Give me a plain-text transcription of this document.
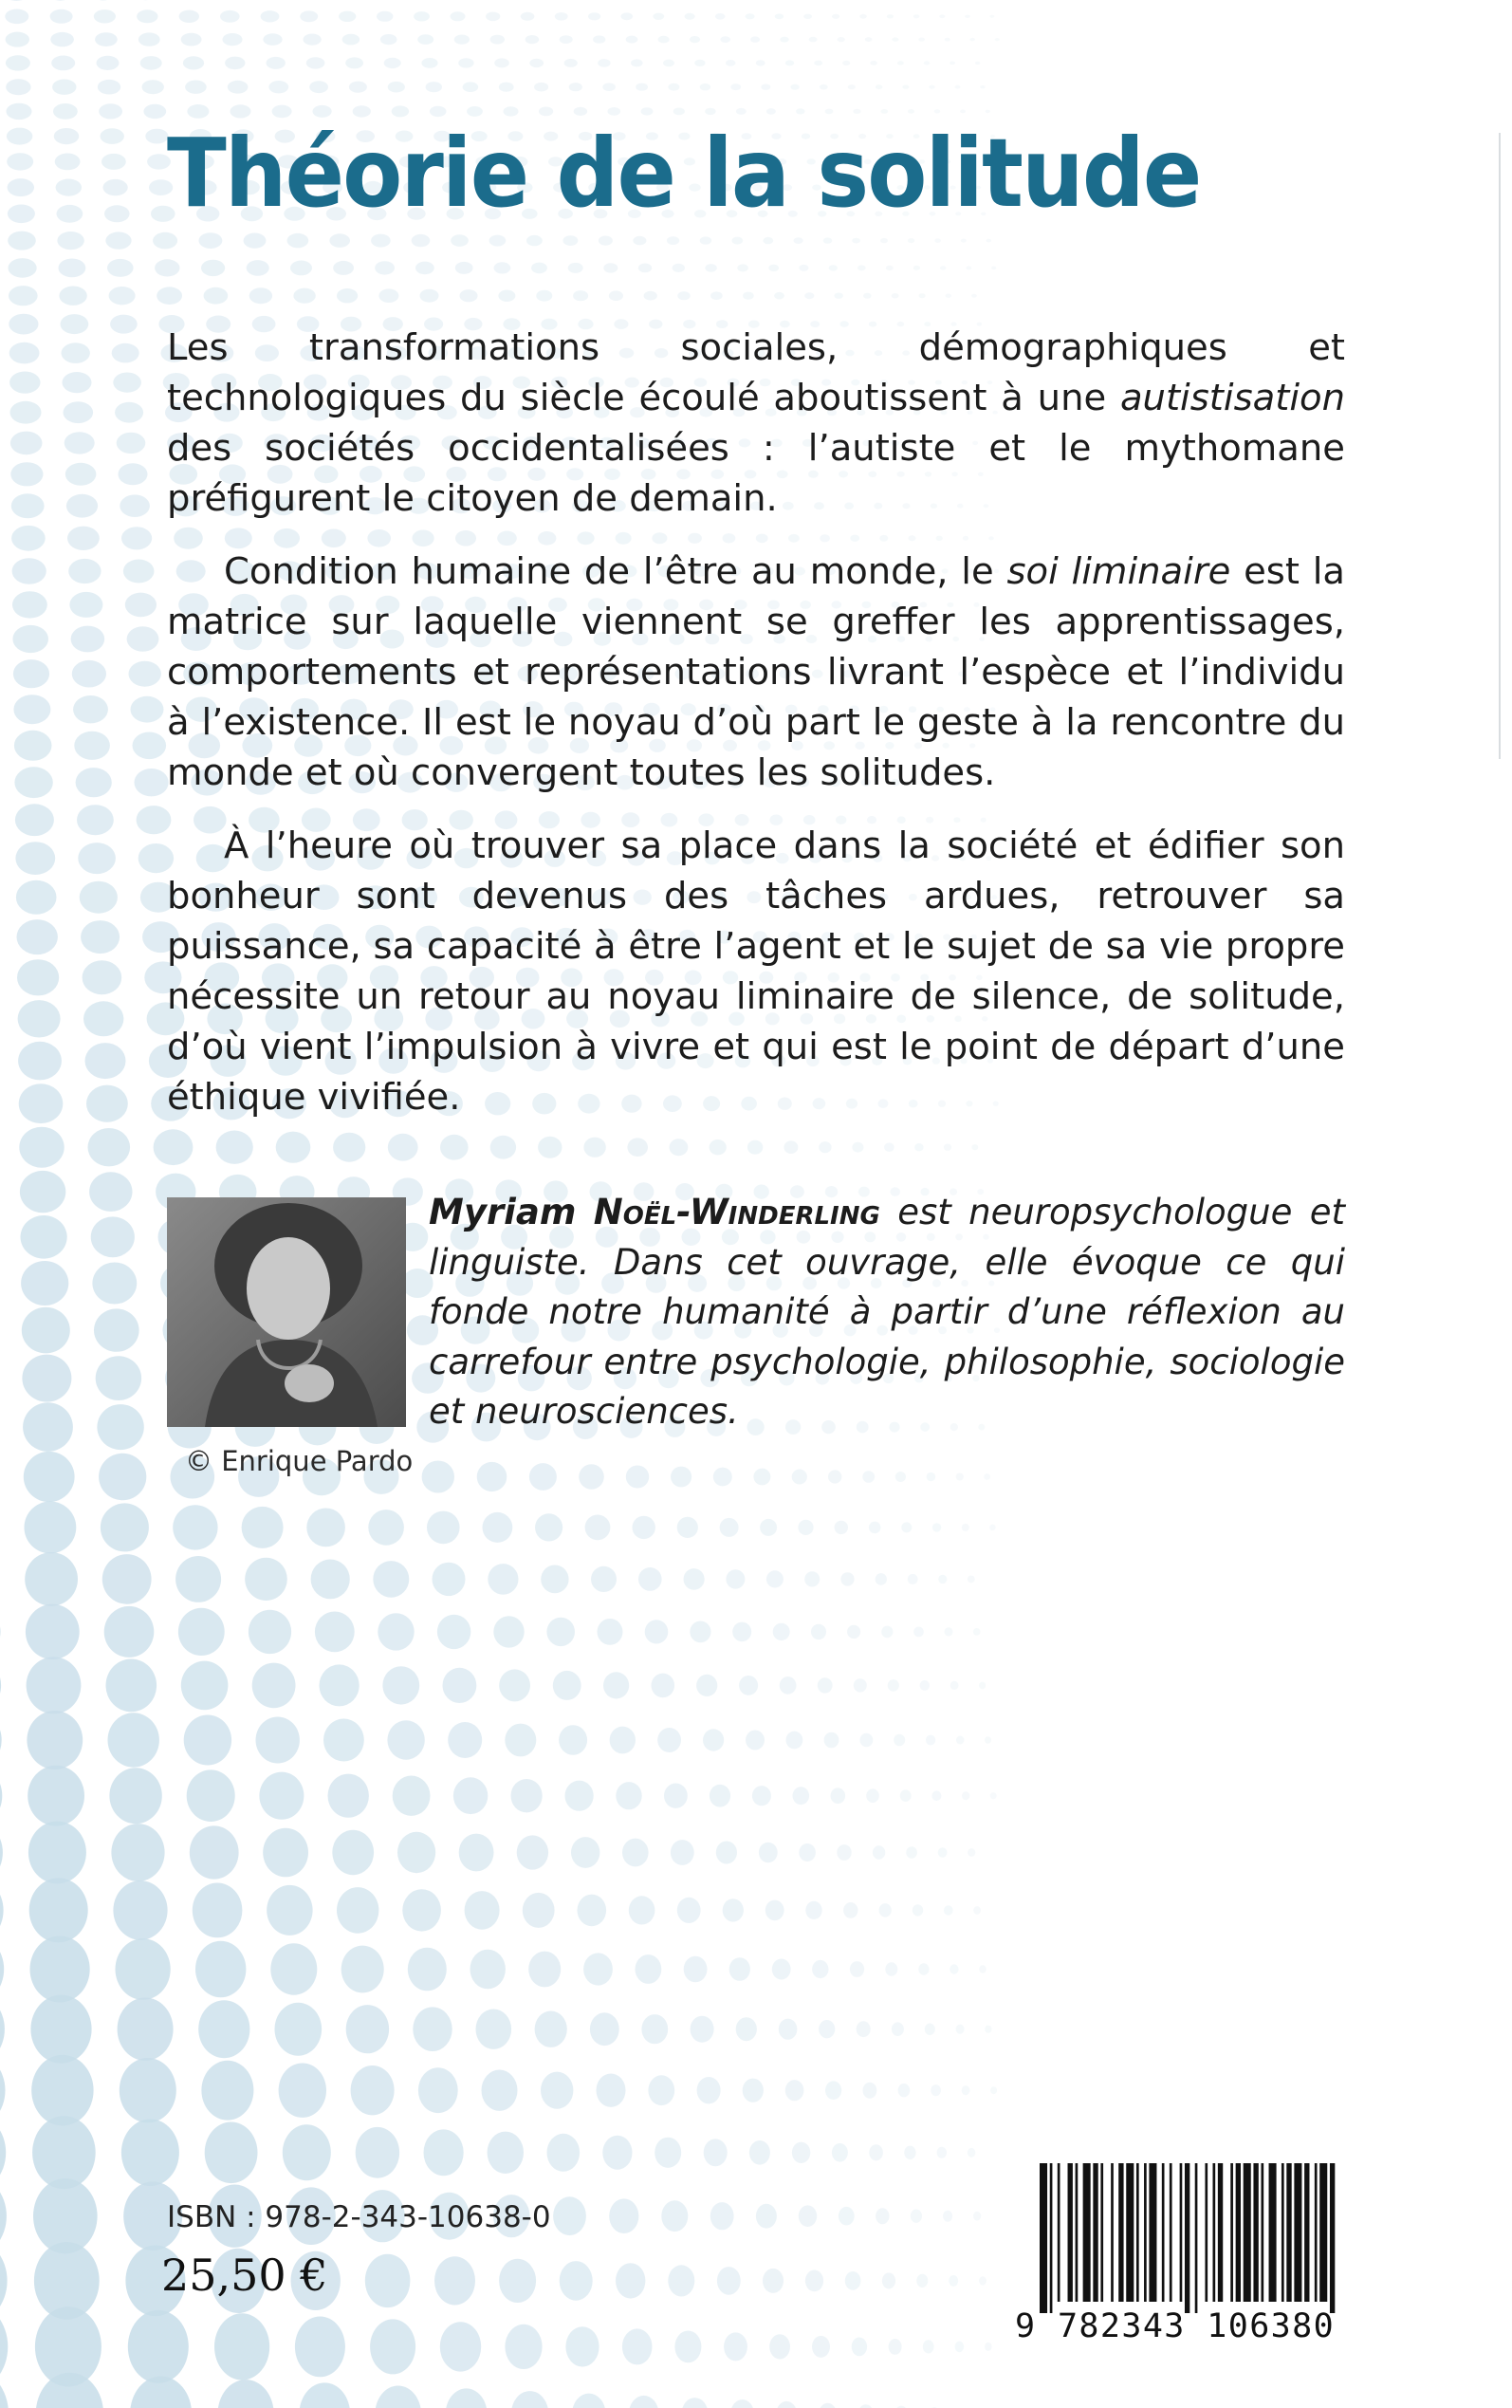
Théorie de la solitude

Les transformations sociales, démographiques et technologiques du siècle écoulé aboutissent à une autistisation des sociétés occidentalisées : l’autiste et le mythomane préfigurent le citoyen de demain.

Condition humaine de l’être au monde, le soi liminaire est la matrice sur laquelle viennent se greffer les apprentissages, comportements et représentations livrant l’espèce et l’individu à l’existence. Il est le noyau d’où part le geste à la rencontre du monde et où convergent toutes les solitudes.

À l’heure où trouver sa place dans la société et édifier son bonheur sont devenus des tâches ardues, retrouver sa puissance, sa capacité à être l’agent et le sujet de sa vie propre nécessite un retour au noyau liminaire de silence, de solitude, d’où vient l’impulsion à vivre et qui est le point de départ d’une éthique vivifiée.

© Enrique Pardo
Myriam Noël-Winderling est neuropsychologue et linguiste. Dans cet ouvrage, elle évoque ce qui fonde notre humanité à partir d’une réflexion au carrefour entre psychologie, philosophie, sociologie et neurosciences.
ISBN : 978-2-343-10638-0
25,50 €
9 782343 106380
